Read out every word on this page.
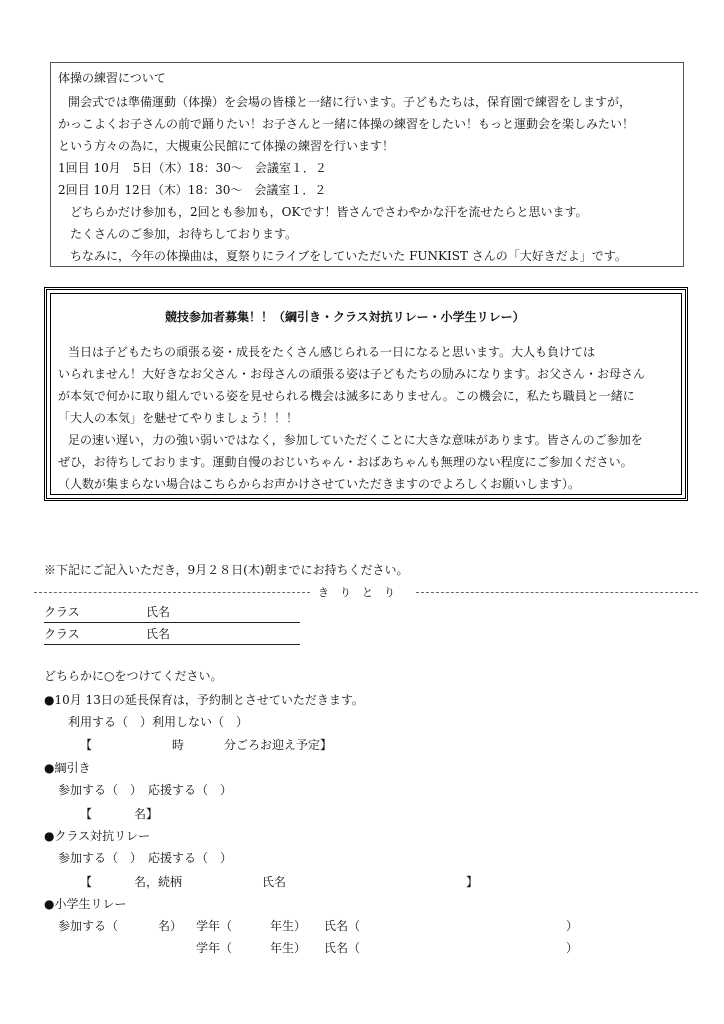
体操の練習について
開会式では準備運動（体操）を会場の皆様と一緒に行います。子どもたちは，保育園で練習をしますが，
かっこよくお子さんの前で踊りたい！お子さんと一緒に体操の練習をしたい！もっと運動会を楽しみたい！
という方々の為に，大槻東公民館にて体操の練習を行います！
1回目 10月　5日（木）18：30～　会議室１．２
2回目 10月 12日（木）18：30～　会議室１．２
どちらかだけ参加も，2回とも参加も，OKです！皆さんでさわやかな汗を流せたらと思います。
たくさんのご参加，お待ちしております。
ちなみに，今年の体操曲は，夏祭りにライブをしていただいた FUNKIST さんの「大好きだよ」です。
競技参加者募集！！（綱引き・クラス対抗リレー・小学生リレー）
当日は子どもたちの頑張る姿・成長をたくさん感じられる一日になると思います。大人も負けては
いられません！大好きなお父さん・お母さんの頑張る姿は子どもたちの励みになります。お父さん・お母さん
が本気で何かに取り組んでいる姿を見せられる機会は滅多にありません。この機会に，私たち職員と一緒に
「大人の本気」を魅せてやりましょう！！！
足の速い遅い，力の強い弱いではなく，参加していただくことに大きな意味があります。皆さんのご参加を
ぜひ，お待ちしております。運動自慢のおじいちゃん・おばあちゃんも無理のない程度にご参加ください。
（人数が集まらない場合はこちらからお声かけさせていただきますのでよろしくお願いします）。
※下記にご記入いただき，9月２８日(木)朝までにお持ちください。
き　り　と　り
クラス	氏名
クラス	氏名
どちらかに○をつけてください。
●10月 13日の延長保育は，予約制とさせていただきます。
利用する（　）利用しない（　）
【	時	分ごろお迎え予定】
●綱引き
参加する（　）　応援する（　）
【	名】
●クラス対抗リレー
参加する（　）　応援する（　）
【	名，続柄	氏名	】
●小学生リレー
参加する（	名） 学年（	年生） 氏名（	）
学年（	年生） 氏名（	）
